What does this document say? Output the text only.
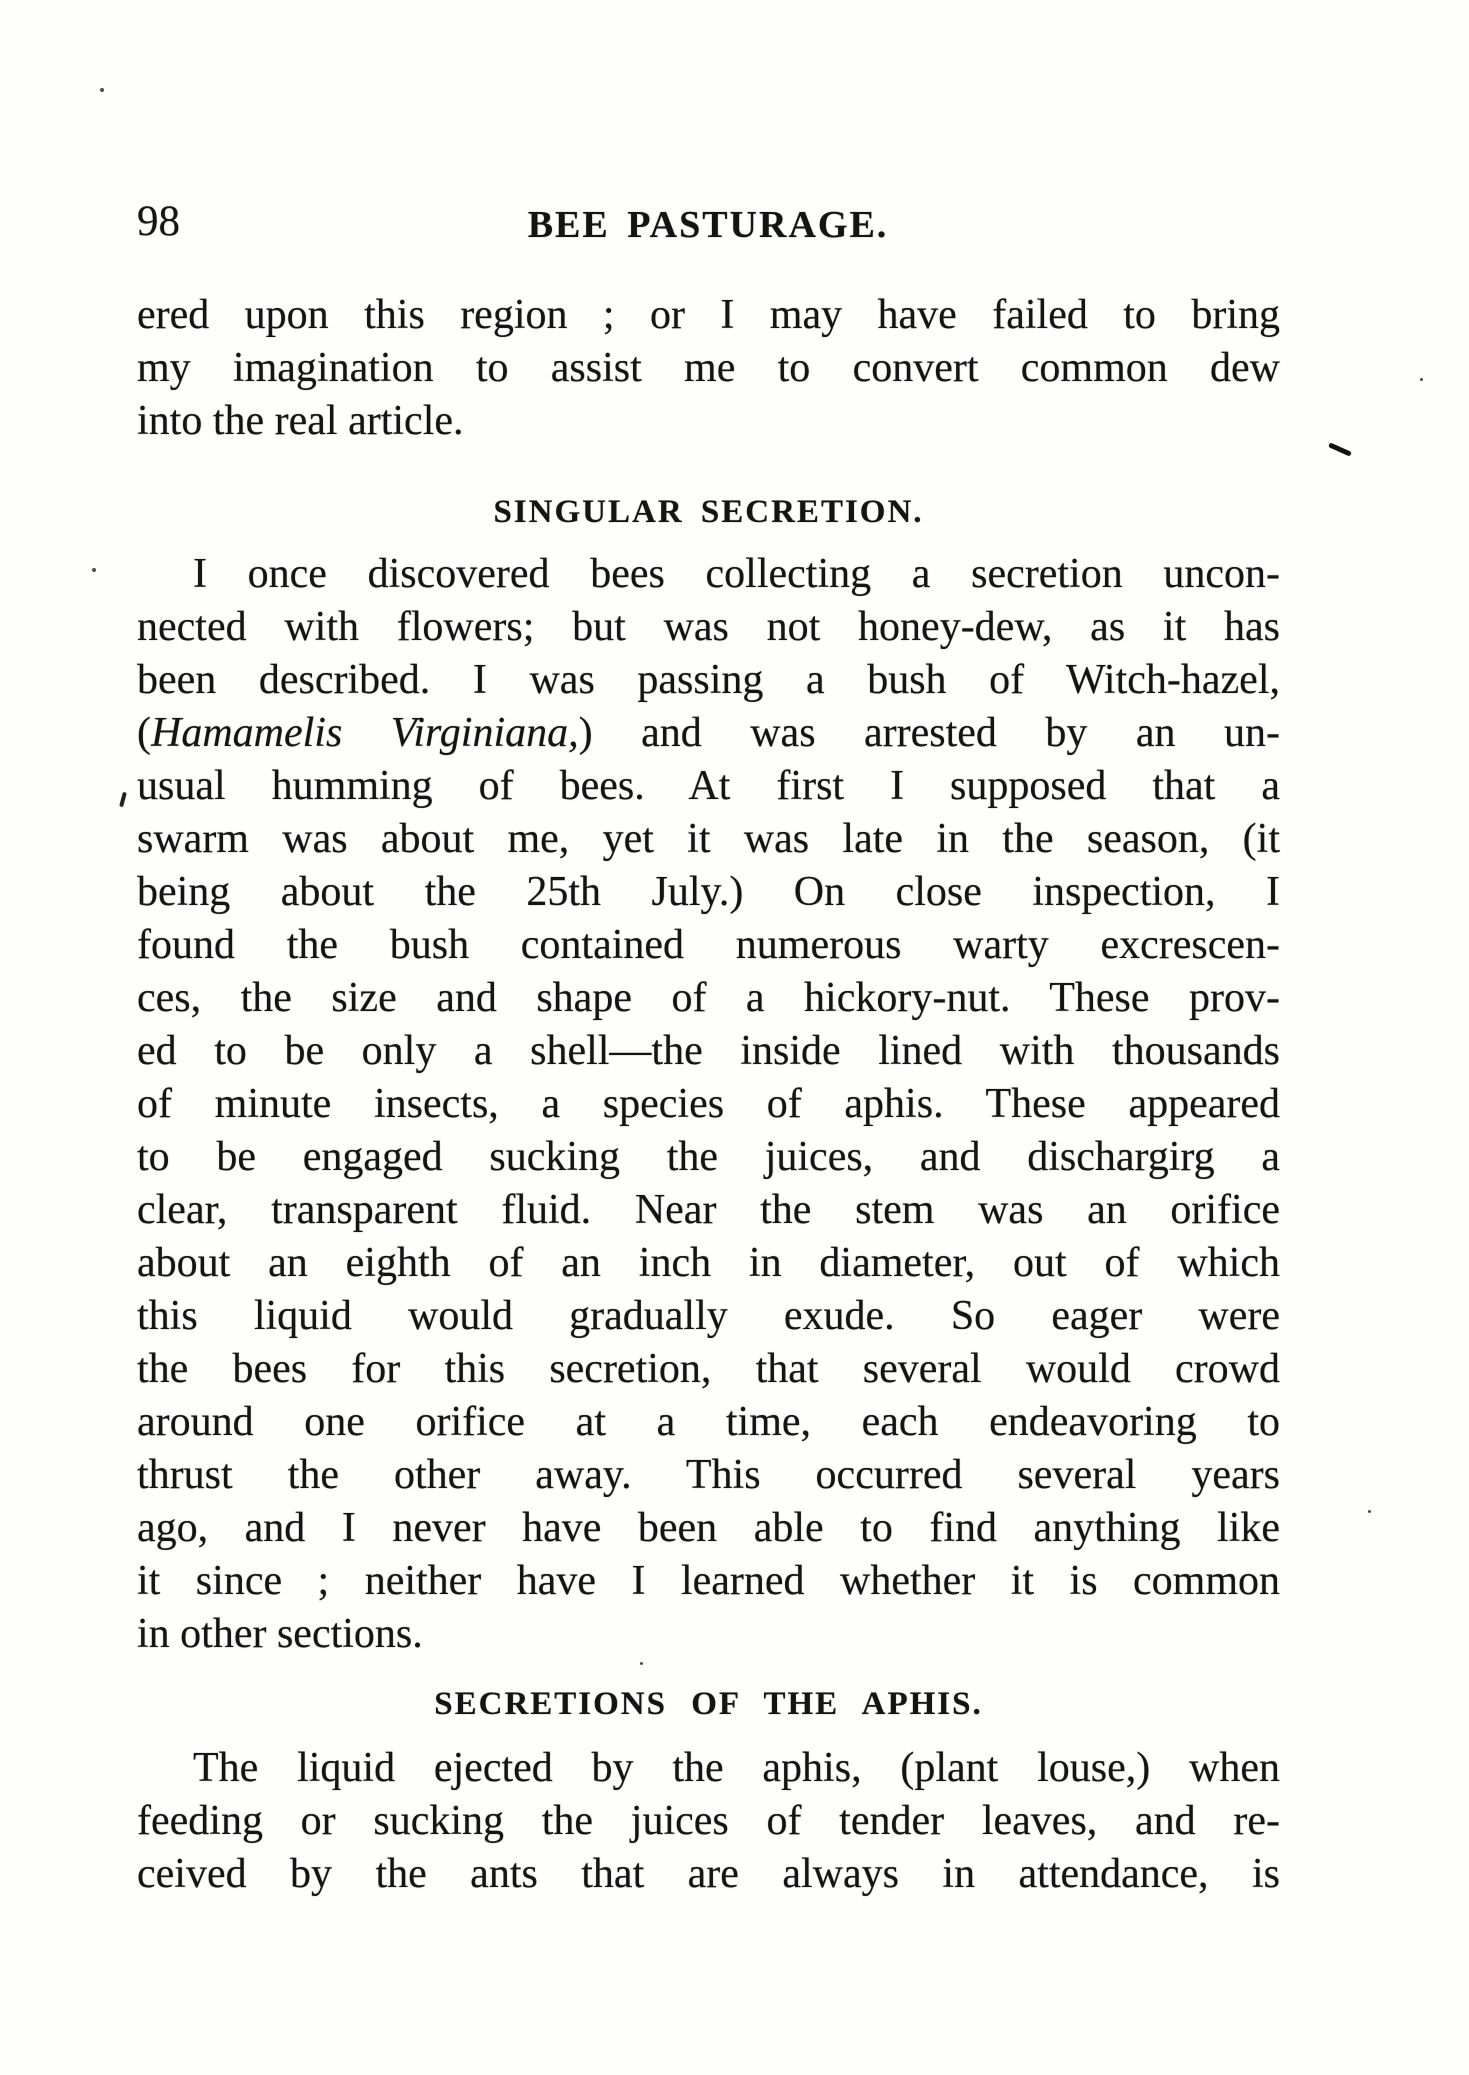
98	BEE PASTURAGE.
ered upon this region ; or I may have failed to bring
my imagination to assist me to convert common dew
into the real article.
SINGULAR SECRETION.
I once discovered bees collecting a secretion uncon-
nected with flowers; but was not honey-dew, as it has
been described. I was passing a bush of Witch-hazel,
(Hamamelis Virginiana,) and was arrested by an un-
usual humming of bees. At first I supposed that a
swarm was about me, yet it was late in the season, (it
being about the 25th July.) On close inspection, I
found the bush contained numerous warty excrescen-
ces, the size and shape of a hickory-nut. These prov-
ed to be only a shell—the inside lined with thousands
of minute insects, a species of aphis. These appeared
to be engaged sucking the juices, and dischargirg a
clear, transparent fluid. Near the stem was an orifice
about an eighth of an inch in diameter, out of which
this liquid would gradually exude. So eager were
the bees for this secretion, that several would crowd
around one orifice at a time, each endeavoring to
thrust the other away. This occurred several years
ago, and I never have been able to find anything like
it since ; neither have I learned whether it is common
in other sections.
SECRETIONS OF THE APHIS.
The liquid ejected by the aphis, (plant louse,) when
feeding or sucking the juices of tender leaves, and re-
ceived by the ants that are always in attendance, is
